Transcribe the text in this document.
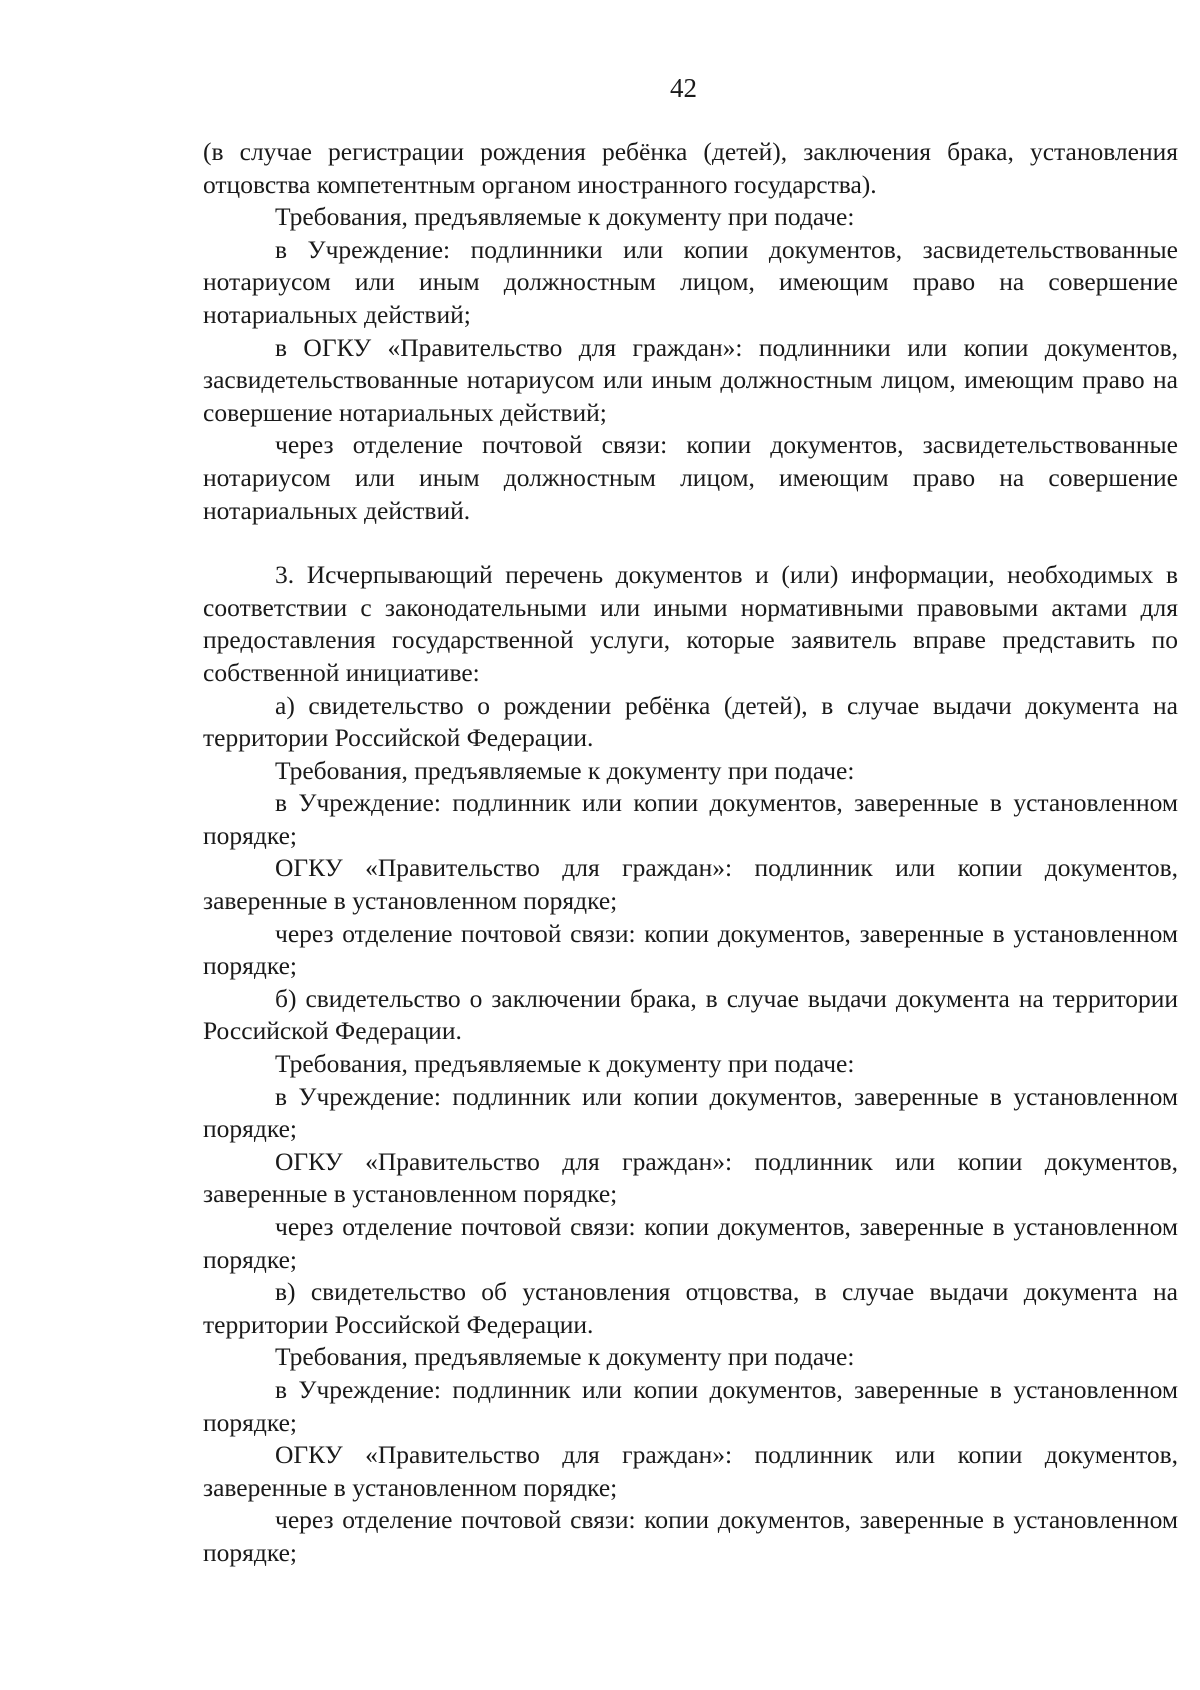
42

(в случае регистрации рождения ребёнка (детей), заключения брака, установления отцовства компетентным органом иностранного государства).

Требования, предъявляемые к документу при подаче:

в Учреждение: подлинники или копии документов, засвидетельствованные нотариусом или иным должностным лицом, имеющим право на совершение нотариальных действий;

в ОГКУ «Правительство для граждан»: подлинники или копии документов, засвидетельствованные нотариусом или иным должностным лицом, имеющим право на совершение нотариальных действий;

через отделение почтовой связи: копии документов, засвидетельствованные нотариусом или иным должностным лицом, имеющим право на совершение нотариальных действий.

3. Исчерпывающий перечень документов и (или) информации, необходимых в соответствии с законодательными или иными нормативными правовыми актами для предоставления государственной услуги, которые заявитель вправе представить по собственной инициативе:

а) свидетельство о рождении ребёнка (детей), в случае выдачи документа на территории Российской Федерации.

Требования, предъявляемые к документу при подаче:

в Учреждение: подлинник или копии документов, заверенные в установленном порядке;

ОГКУ «Правительство для граждан»: подлинник или копии документов, заверенные в установленном порядке;

через отделение почтовой связи: копии документов, заверенные в установленном порядке;

б) свидетельство о заключении брака, в случае выдачи документа на территории Российской Федерации.

Требования, предъявляемые к документу при подаче:

в Учреждение: подлинник или копии документов, заверенные в установленном порядке;

ОГКУ «Правительство для граждан»: подлинник или копии документов, заверенные в установленном порядке;

через отделение почтовой связи: копии документов, заверенные в установленном порядке;

в) свидетельство об установления отцовства, в случае выдачи документа на территории Российской Федерации.

Требования, предъявляемые к документу при подаче:

в Учреждение: подлинник или копии документов, заверенные в установленном порядке;

ОГКУ «Правительство для граждан»: подлинник или копии документов, заверенные в установленном порядке;

через отделение почтовой связи: копии документов, заверенные в установленном порядке;
